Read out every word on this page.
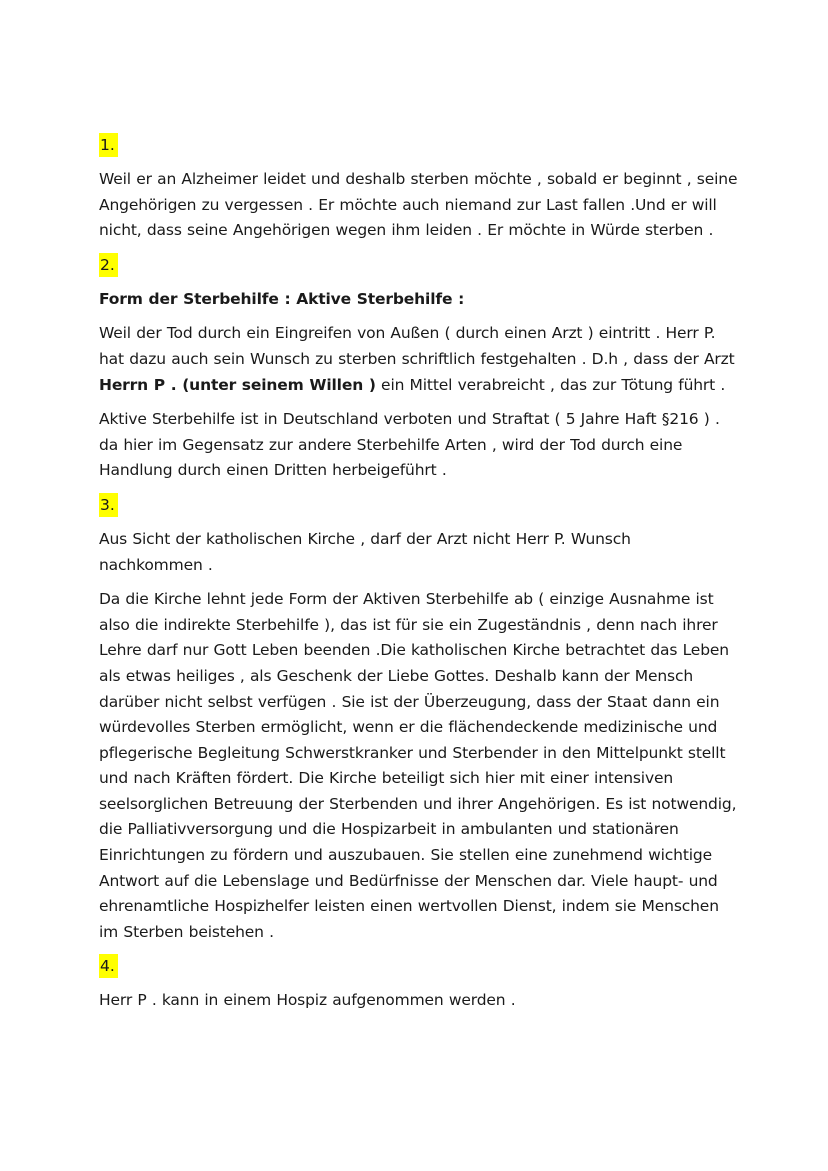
1.

Weil er an Alzheimer leidet und deshalb sterben möchte , sobald er beginnt , seine Angehörigen zu vergessen . Er möchte auch niemand zur Last fallen .Und er will nicht, dass seine Angehörigen wegen ihm leiden . Er möchte in Würde sterben .

2.

Form der Sterbehilfe : Aktive Sterbehilfe :

Weil der Tod durch ein Eingreifen von Außen ( durch einen Arzt ) eintritt . Herr P. hat dazu auch sein Wunsch zu sterben schriftlich festgehalten . D.h , dass der Arzt Herrn P . (unter seinem Willen ) ein Mittel verabreicht , das zur Tötung führt .

Aktive Sterbehilfe ist in Deutschland verboten und Straftat ( 5 Jahre Haft §216 ) . da hier im Gegensatz zur andere Sterbehilfe Arten , wird der Tod durch eine Handlung durch einen Dritten herbeigeführt .

3.

Aus Sicht der katholischen Kirche , darf der Arzt nicht Herr P. Wunsch nachkommen .

Da die Kirche lehnt jede Form der Aktiven Sterbehilfe ab ( einzige Ausnahme ist also die indirekte Sterbehilfe ), das ist für sie ein Zugeständnis , denn nach ihrer Lehre darf nur Gott Leben beenden .Die katholischen Kirche betrachtet das Leben als etwas heiliges , als Geschenk der Liebe Gottes. Deshalb kann der Mensch darüber nicht selbst verfügen . Sie ist der Überzeugung, dass der Staat dann ein würdevolles Sterben ermöglicht, wenn er die flächendeckende medizinische und pflegerische Begleitung Schwerstkranker und Sterbender in den Mittelpunkt stellt und nach Kräften fördert. Die Kirche beteiligt sich hier mit einer intensiven seelsorglichen Betreuung der Sterbenden und ihrer Angehörigen. Es ist notwendig, die Palliativversorgung und die Hospizarbeit in ambulanten und stationären Einrichtungen zu fördern und auszubauen. Sie stellen eine zunehmend wichtige Antwort auf die Lebenslage und Bedürfnisse der Menschen dar. Viele haupt- und ehrenamtliche Hospizhelfer leisten einen wertvollen Dienst, indem sie Menschen im Sterben beistehen .

4.

Herr P . kann in einem Hospiz aufgenommen werden .
